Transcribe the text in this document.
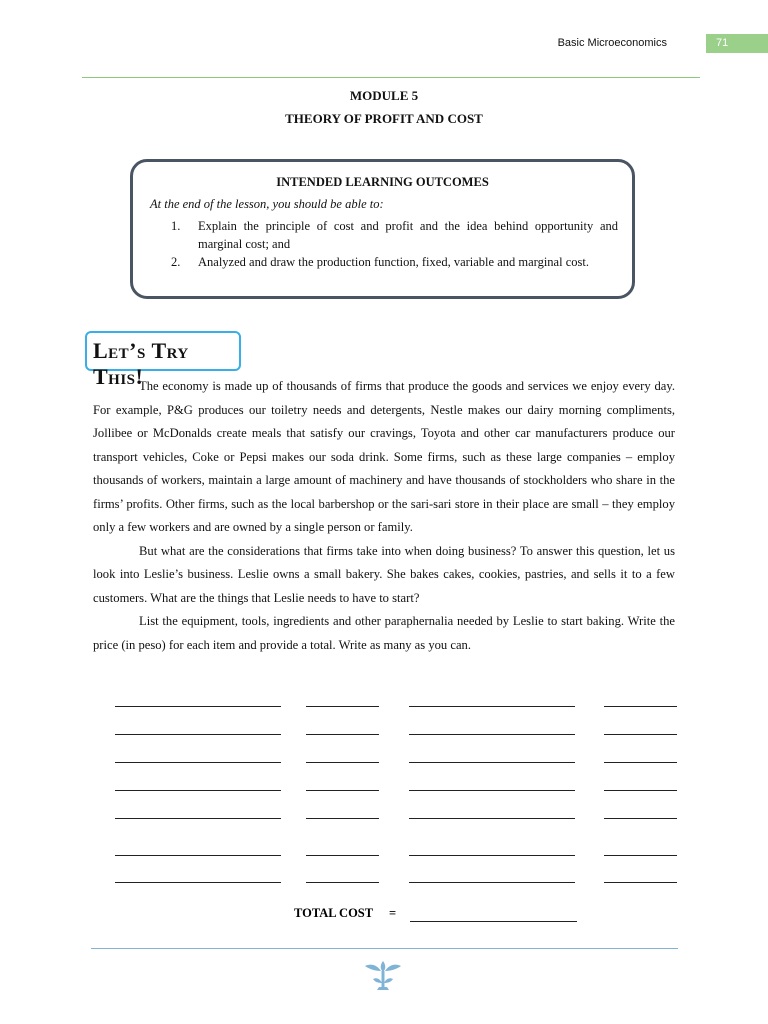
Basic Microeconomics	71
MODULE 5
THEORY OF PROFIT AND COST
INTENDED LEARNING OUTCOMES
At the end of the lesson, you should be able to:
1. Explain the principle of cost and profit and the idea behind opportunity and marginal cost; and
2. Analyzed and draw the production function, fixed, variable and marginal cost.
Let’s Try This!

The economy is made up of thousands of firms that produce the goods and services we enjoy every day. For example, P&G produces our toiletry needs and detergents, Nestle makes our dairy morning compliments, Jollibee or McDonalds create meals that satisfy our cravings, Toyota and other car manufacturers produce our transport vehicles, Coke or Pepsi makes our soda drink. Some firms, such as these large companies – employ thousands of workers, maintain a large amount of machinery and have thousands of stockholders who share in the firms’ profits. Other firms, such as the local barbershop or the sari-sari store in their place are small – they employ only a few workers and are owned by a single person or family.

But what are the considerations that firms take into when doing business? To answer this question, let us look into Leslie’s business. Leslie owns a small bakery. She bakes cakes, cookies, pastries, and sells it to a few customers. What are the things that Leslie needs to have to start?

List the equipment, tools, ingredients and other paraphernalia needed by Leslie to start baking. Write the price (in peso) for each item and provide a total. Write as many as you can.

TOTAL COST =
